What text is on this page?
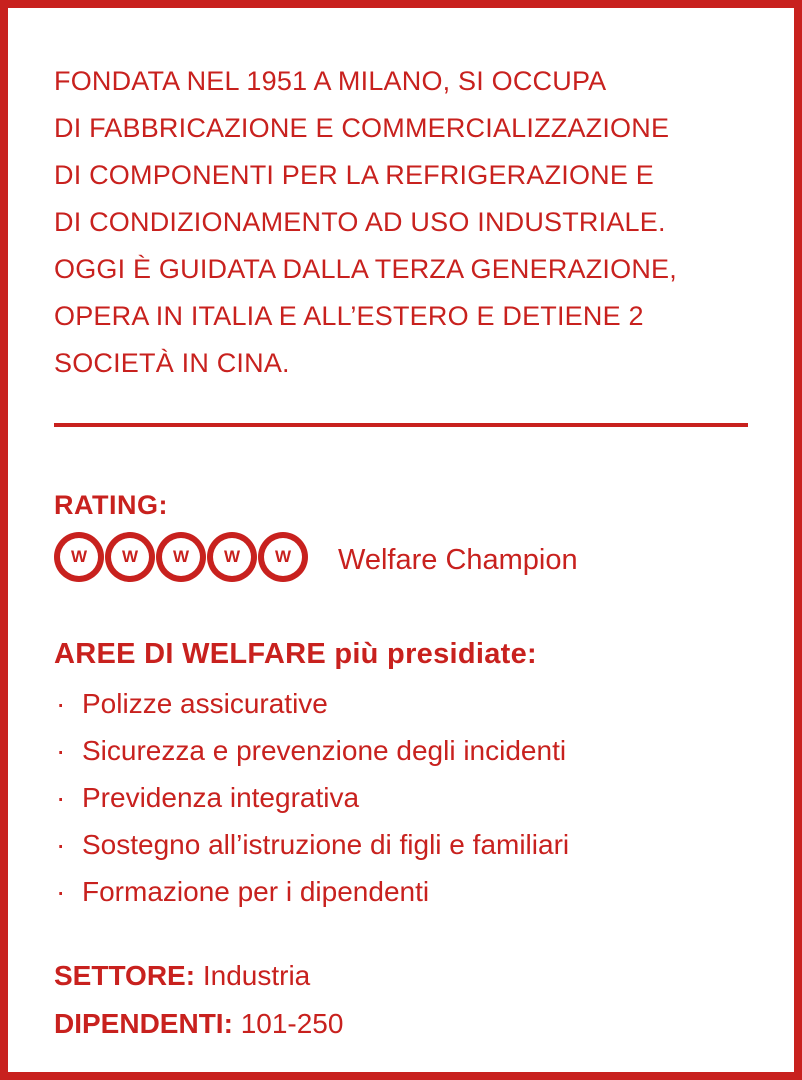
FONDATA NEL 1951 A MILANO, SI OCCUPA
DI FABBRICAZIONE E COMMERCIALIZZAZIONE
DI COMPONENTI PER LA REFRIGERAZIONE E
DI CONDIZIONAMENTO AD USO INDUSTRIALE.
OGGI È GUIDATA DALLA TERZA GENERAZIONE,
OPERA IN ITALIA E ALL’ESTERO E DETIENE 2
SOCIETÀ IN CINA.

RATING:
W	W	W	W	W	Welfare Champion
AREE DI WELFARE più presidiate:
· Polizze assicurative
· Sicurezza e prevenzione degli incidenti
· Previdenza integrativa
· Sostegno all’istruzione di figli e familiari
· Formazione per i dipendenti
SETTORE: Industria
DIPENDENTI: 101-250
